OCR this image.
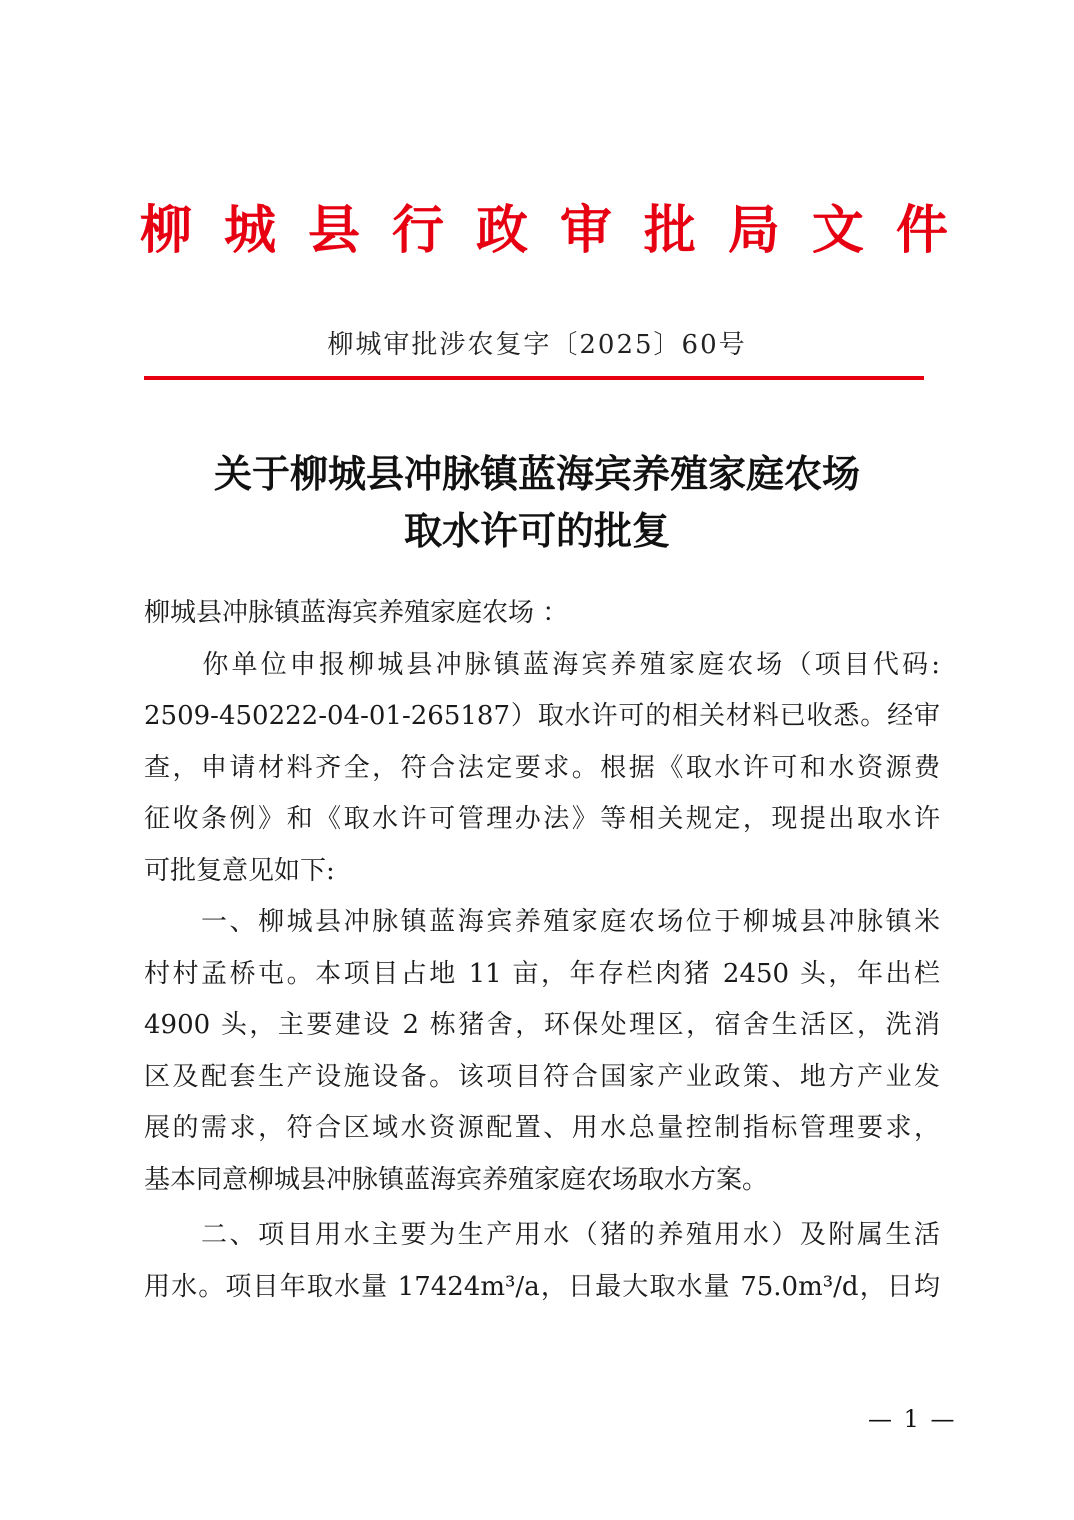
柳 城 县 行 政 审 批 局 文 件
柳城审批涉农复字〔2025〕60号
关于柳城县冲脉镇蓝海宾养殖家庭农场
取水许可的批复
柳城县冲脉镇蓝海宾养殖家庭农场 ：
　　你单位申报柳城县冲脉镇蓝海宾养殖家庭农场（项目代码:
2509-450222-04-01-265187）取水许可的相关材料已收悉。经审
查，申请材料齐全，符合法定要求。根据《取水许可和水资源费
征收条例》和《取水许可管理办法》等相关规定，现提出取水许
可批复意见如下:
　　一、柳城县冲脉镇蓝海宾养殖家庭农场位于柳城县冲脉镇米
村村孟桥屯。本项目占地 11 亩，年存栏肉猪 2450 头，年出栏
4900 头，主要建设 2 栋猪舍，环保处理区，宿舍生活区，洗消
区及配套生产设施设备。该项目符合国家产业政策、地方产业发
展的需求，符合区域水资源配置、用水总量控制指标管理要求，
基本同意柳城县冲脉镇蓝海宾养殖家庭农场取水方案。
　　二、项目用水主要为生产用水（猪的养殖用水）及附属生活
用水。项目年取水量 17424m³/a，日最大取水量 75.0m³/d，日均
— 1 —
